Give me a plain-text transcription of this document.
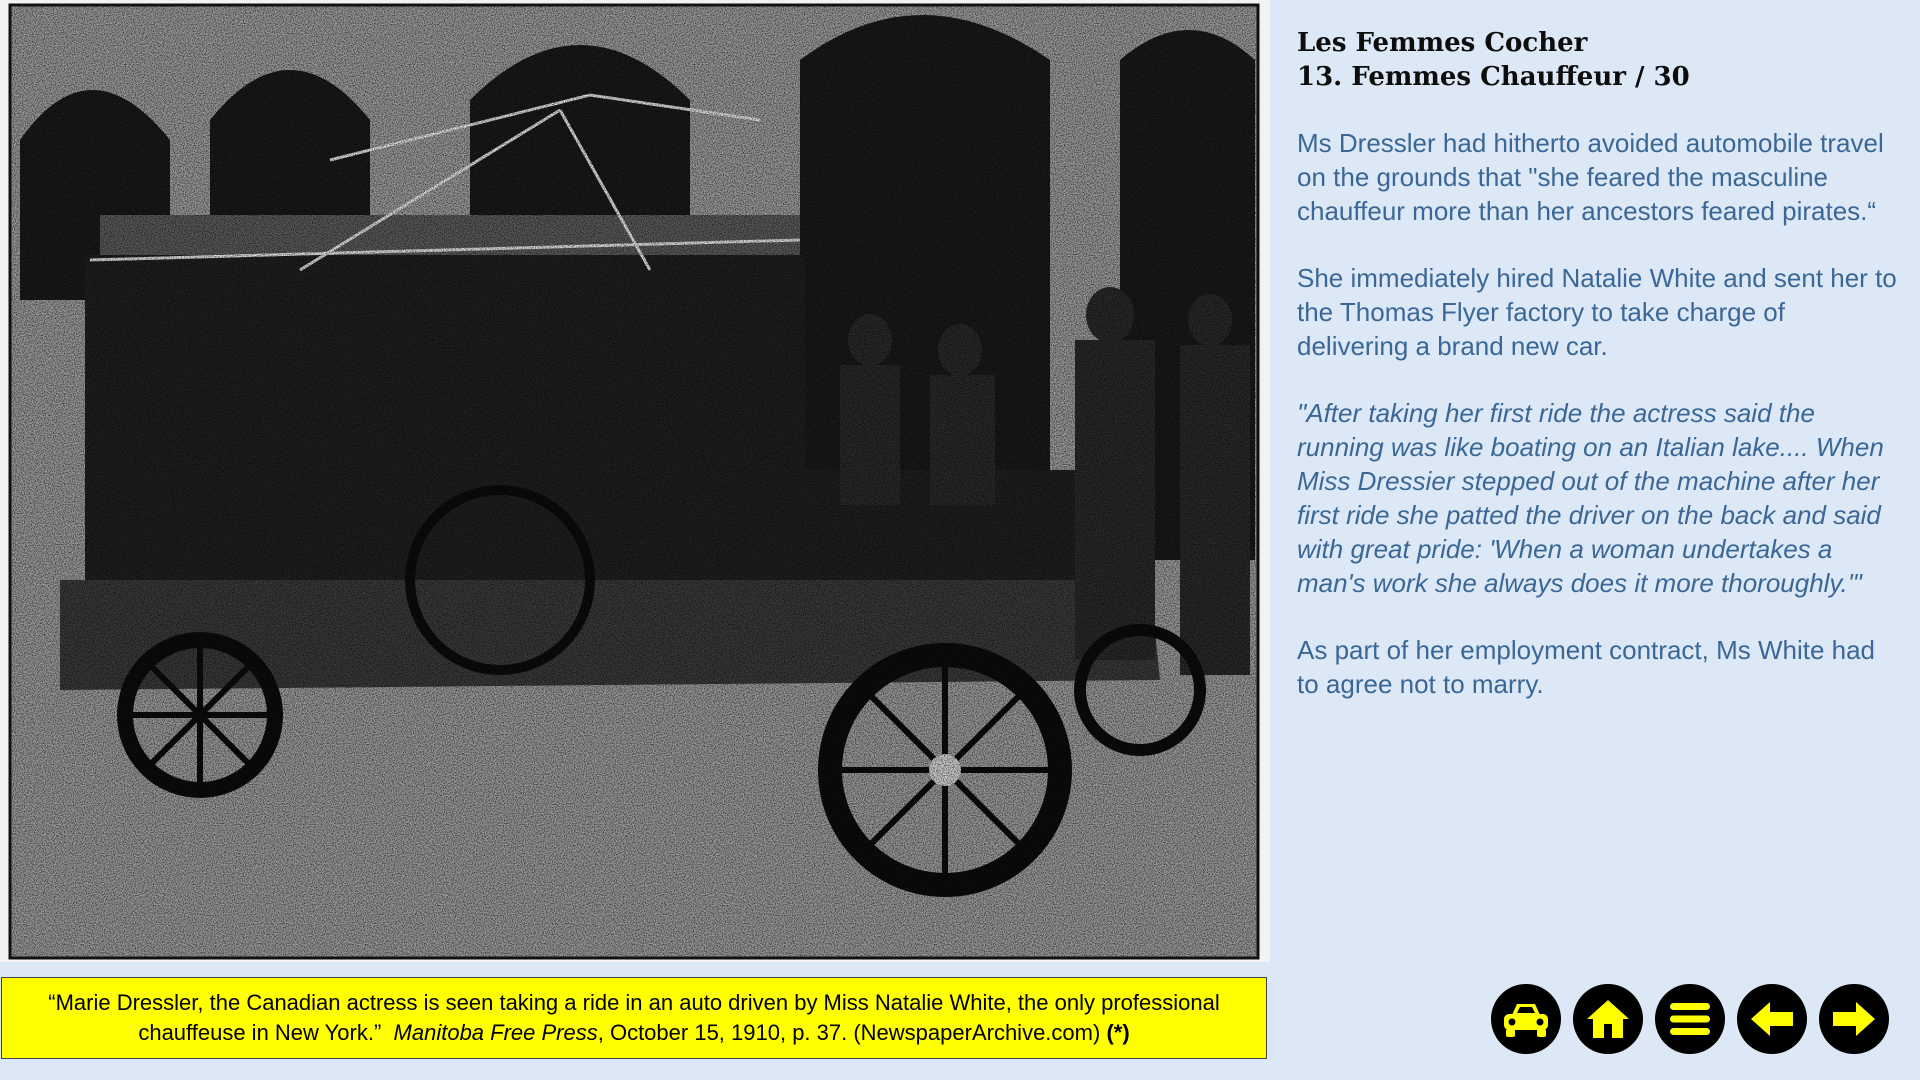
Les Femmes Cocher
13. Femmes Chauffeur / 30

Ms Dressler had hitherto avoided automobile travel on the grounds that "she feared the masculine chauffeur more than her ancestors feared pirates.“

She immediately hired Natalie White and sent her to the Thomas Flyer factory to take charge of delivering a brand new car.

"After taking her first ride the actress said the running was like boating on an Italian lake.... When Miss Dressier stepped out of the machine after her first ride she patted the driver on the back and said with great pride: 'When a woman undertakes a man's work she always does it more thoroughly.'"

As part of her employment contract, Ms White had to agree not to marry.

“Marie Dressler, the Canadian actress is seen taking a ride in an auto driven by Miss Natalie White, the only professional chauffeuse in New York.” Manitoba Free Press, October 15, 1910, p. 37. (NewspaperArchive.com) (*)
